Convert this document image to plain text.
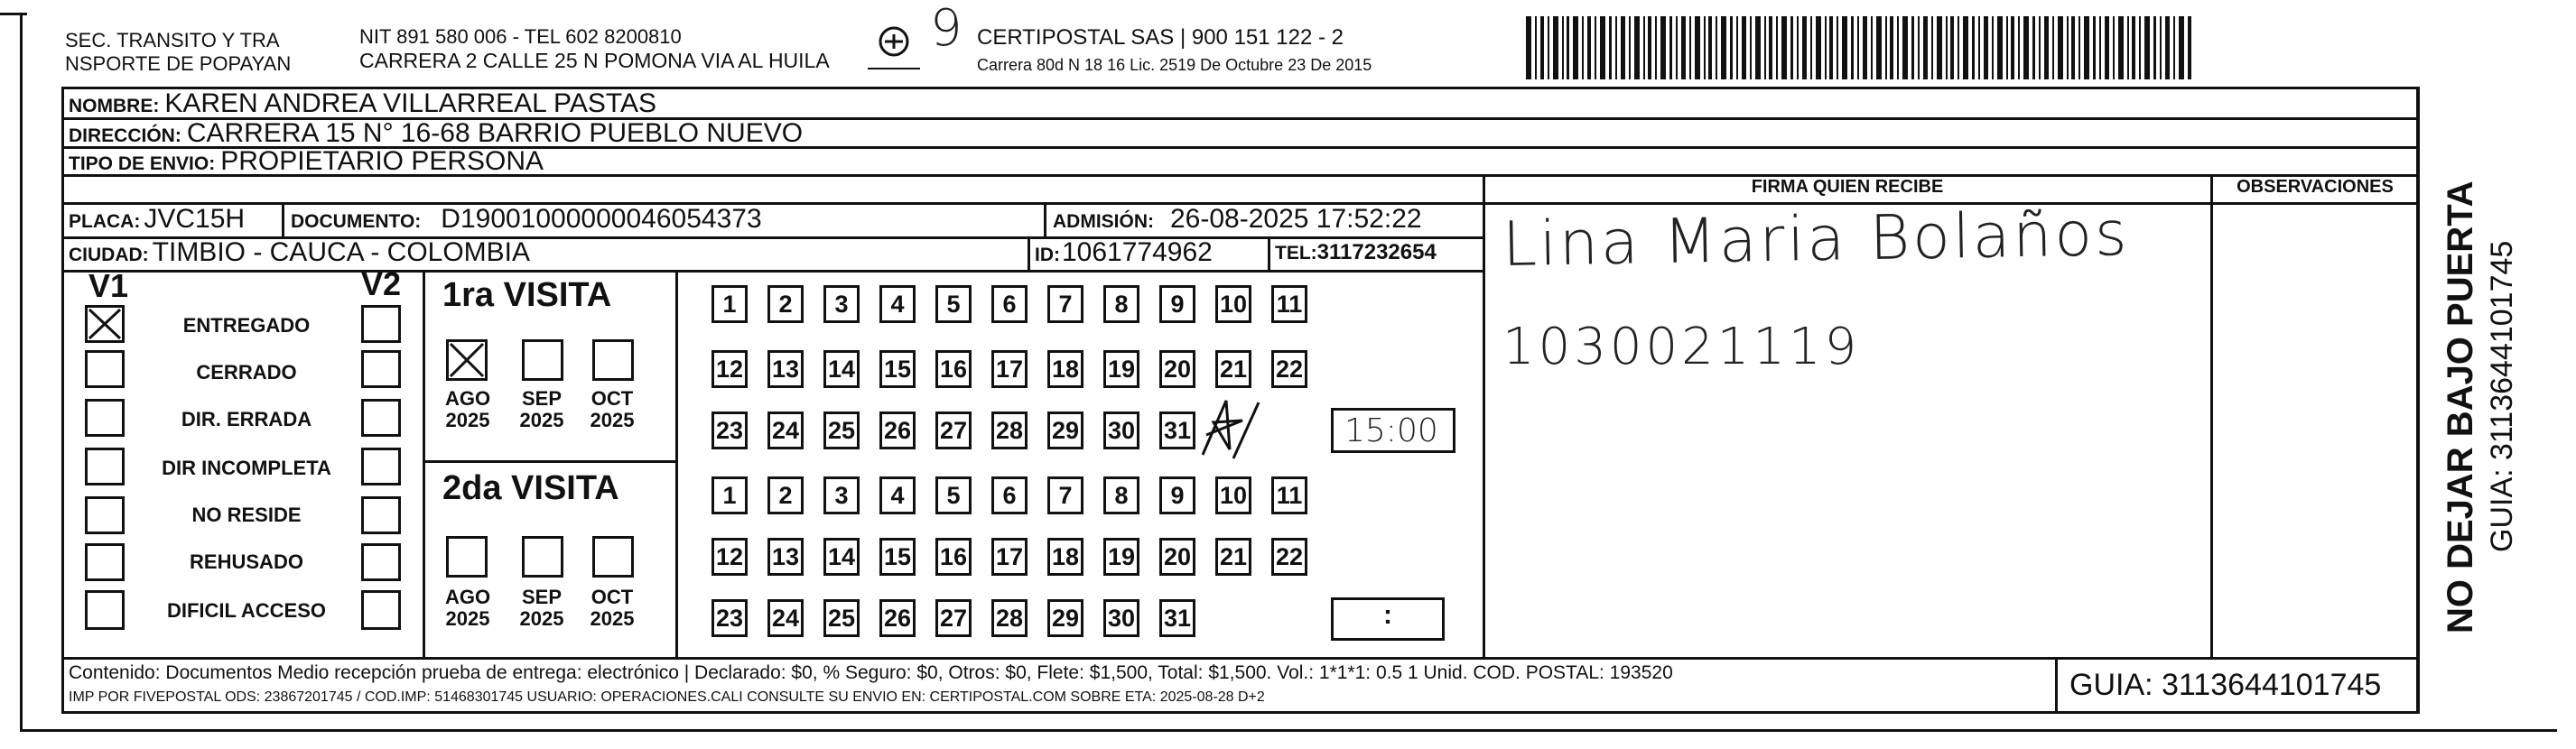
SEC. TRANSITO Y TRA
NSPORTE DE POPAYAN
NIT 891 580 006 - TEL 602 8200810
CARRERA 2 CALLE 25 N POMONA VIA AL HUILA
9 CERTIPOSTAL SAS | 900 151 122 - 2
Carrera 80d N 18 16 Lic. 2519 De Octubre 23 De 2015
NOMBRE: KAREN ANDREA VILLARREAL PASTAS
DIRECCIÓN: CARRERA 15 N° 16-68 BARRIO PUEBLO NUEVO
TIPO DE ENVIO: PROPIETARIO PERSONA
FIRMA QUIEN RECIBE	OBSERVACIONES
PLACA: JVC15H DOCUMENTO: D19001000000046054373	ADMISIÓN: 26-08-2025 17:52:22
CIUDAD: TIMBIO - CAUCA - COLOMBIA	ID: 1061774962	TEL: 3117232654
V1	V2
ENTREGADO
CERRADO
DIR. ERRADA
DIR INCOMPLETA
NO RESIDE
REHUSADO
DIFICIL ACCESO
1ra VISITA
AGO
2025
SEP
2025
OCT
2025
2da VISITA
AGO
2025
SEP
2025
OCT
2025
1	2	3	4	5	6	7	8	9	10 11
12 13 14 15 16 17 18 19 20 21 22
23 24 25 26 27 28 29 30 31
1	2	3	4	5	6	7	8	9	10 11
12 13 14 15 16 17 18 19 20 21 22
23 24 25 26 27 28 29 30 31
15:00
:
Lina Maria Bolaños
1030021119
Contenido: Documentos Medio recepción prueba de entrega: electrónico | Declarado: $0, % Seguro: $0, Otros: $0, Flete: $1,500, Total: $1,500. Vol.: 1*1*1: 0.5 1 Unid. COD. POSTAL: 193520
IMP POR FIVEPOSTAL ODS: 23867201745 / COD.IMP: 51468301745 USUARIO: OPERACIONES.CALI CONSULTE SU ENVIO EN: CERTIPOSTAL.COM SOBRE ETA: 2025-08-28 D+2	GUIA: 3113644101745
NO DEJAR BAJO PUERTA GUIA: 3113644101745
